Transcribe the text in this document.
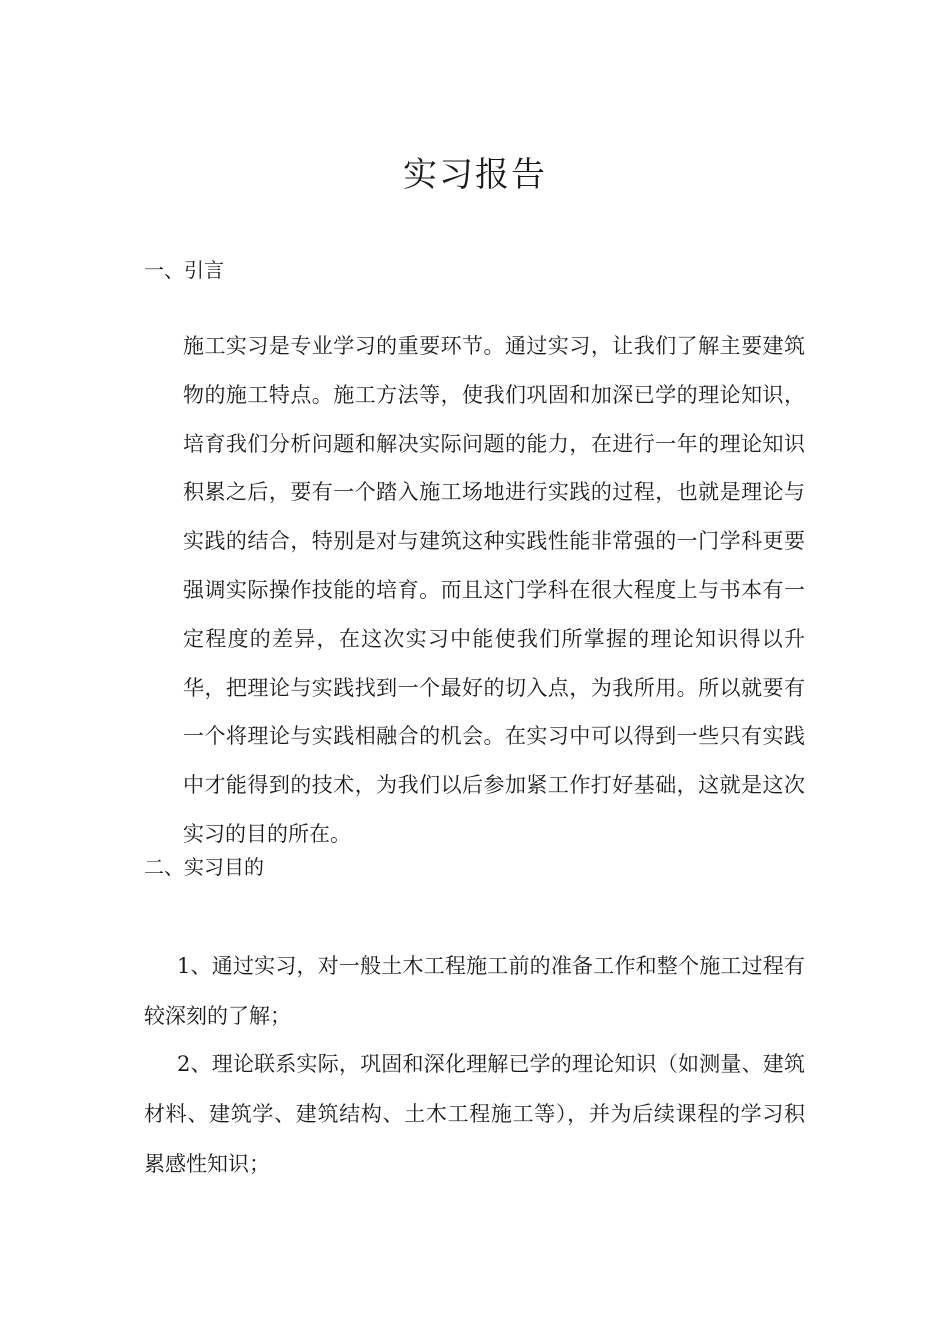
实习报告
一、引言

施工实习是专业学习的重要环节。通过实习，让我们了解主要建筑物的施工特点。施工方法等，使我们巩固和加深已学的理论知识，培育我们分析问题和解决实际问题的能力，在进行一年的理论知识积累之后，要有一个踏入施工场地进行实践的过程，也就是理论与实践的结合，特别是对与建筑这种实践性能非常强的一门学科更要强调实际操作技能的培育。而且这门学科在很大程度上与书本有一定程度的差异，在这次实习中能使我们所掌握的理论知识得以升华，把理论与实践找到一个最好的切入点，为我所用。所以就要有一个将理论与实践相融合的机会。在实习中可以得到一些只有实践中才能得到的技术，为我们以后参加紧工作打好基础，这就是这次实习的目的所在。

二、实习目的

1、通过实习，对一般土木工程施工前的准备工作和整个施工过程有较深刻的了解；

2、理论联系实际，巩固和深化理解已学的理论知识（如测量、建筑材料、建筑学、建筑结构、土木工程施工等），并为后续课程的学习积累感性知识；
